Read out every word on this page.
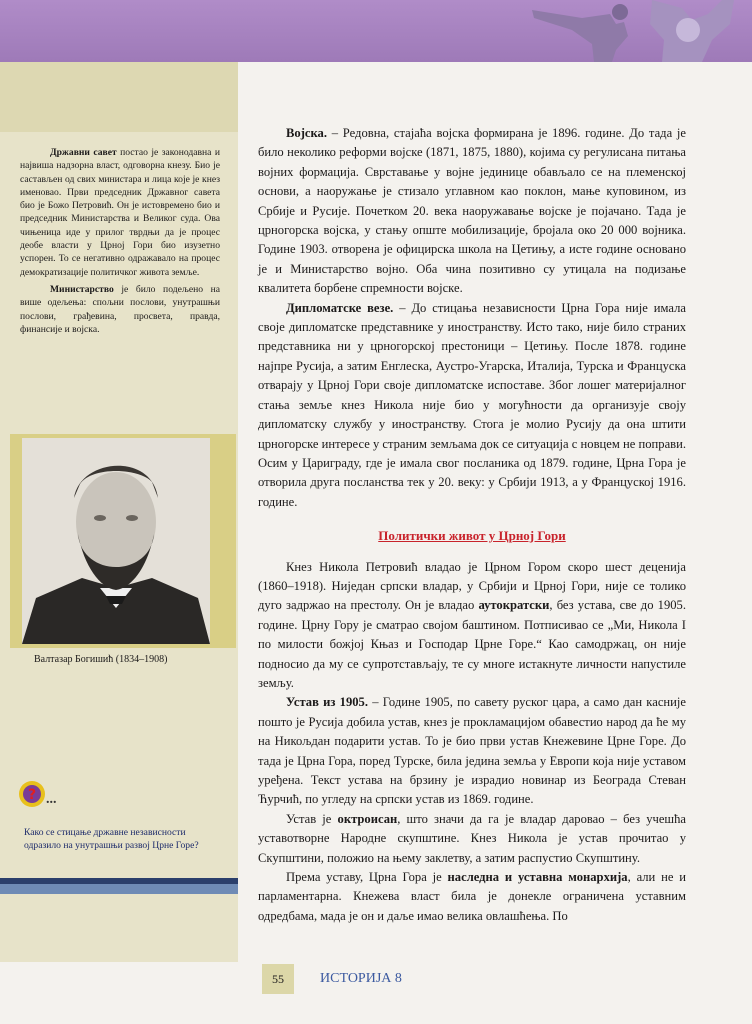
Државни савет постао је законодавна и највиша надзорна власт, одговорна кнезу. Био је састављен од свих министара и лица које је кнез именовао. Први председник Државног савета био је Божо Петровић. Он је истовремено био и председник Министарства и Великог суда. Ова чињеница иде у прилог тврдњи да је процес деобе власти у Црној Гори био изузетно успорен. То се негативно одражавало на процес демократизације политичког живота земље.

Министарство је било подељено на више одељења: спољни послови, унутрашњи послови, грађевина, просвета, правда, финансије и војска.

Валтазар Богишић (1834–1908)
? ...
Како се стицање државне независности одразило на унутрашњи развој Црне Горе?

Војска. – Редовна, стајаћа војска формирана је 1896. године. До тада је било неколико реформи војске (1871, 1875, 1880), којима су регулисана питања војних формација. Сврставање у војне јединице обављало се на племенској основи, а наоружање је стизало углавном као поклон, мање куповином, из Србије и Русије. Почетком 20. века наоружавање војске је појачано. Тада је црногорска војска, у стању опште мобилизације, бројала око 20 000 војника. Године 1903. отворена је официрска школа на Цетињу, а исте године основано је и Министарство војно. Оба чина позитивно су утицала на подизање квалитета борбене спремности војске.

Дипломатске везе. – До стицања независности Црна Гора није имала своје дипломатске представнике у иностранству. Исто тако, није било страних представника ни у црногорској престоници – Цетињу. После 1878. године најпре Русија, а затим Енглеска, Аустро-Угарска, Италија, Турска и Француска отварају у Црној Гори своје дипломатске испоставе. Због лошег материјалног стања земље кнез Никола није био у могућности да организује своју дипломатску службу у иностранству. Стога је молио Русију да она штити црногорске интересе у страним земљама док се ситуација с новцем не поправи. Осим у Цариграду, где је имала свог посланика од 1879. године, Црна Гора је отворила друга посланства тек у 20. веку: у Србији 1913, а у Француској 1916. године.

Политички живот у Црној Гори

Кнез Никола Петровић владао је Црном Гором скоро шест деценија (1860–1918). Ниједан српски владар, у Србији и Црној Гори, није се толико дуго задржао на престолу. Он је владао аутократски, без устава, све до 1905. године. Црну Гору је сматрао својом баштином. Потписивао се „Ми, Никола I по милости божјој Књаз и Господар Црне Горе.“ Као самодржац, он није подносио да му се супротстављају, те су многе истакнуте личности напустиле земљу.

Устав из 1905. – Године 1905, по савету руског цара, а само дан касније пошто је Русија добила устав, кнез је прокламацијом обавестио народ да ће му на Никољдан подарити устав. То је био први устав Кнежевине Црне Горе. До тада је Црна Гора, поред Турске, била једина земља у Европи која није уставом уређена. Текст устава на брзину је израдио новинар из Београда Стеван Ћурчић, по угледу на српски устав из 1869. године.

Устав је октроисан, што значи да га је владар даровао – без учешћа уставотворне Народне скупштине. Кнез Никола је устав прочитао у Скупштини, положио на њему заклетву, а затим распустио Скупштину.

Према уставу, Црна Гора је наследна и уставна монархија, али не и парламентарна. Кнежева власт била је донекле ограничена уставним одредбама, мада је он и даље имао велика овлашћења. По

55	ИСТОРИЈА 8
